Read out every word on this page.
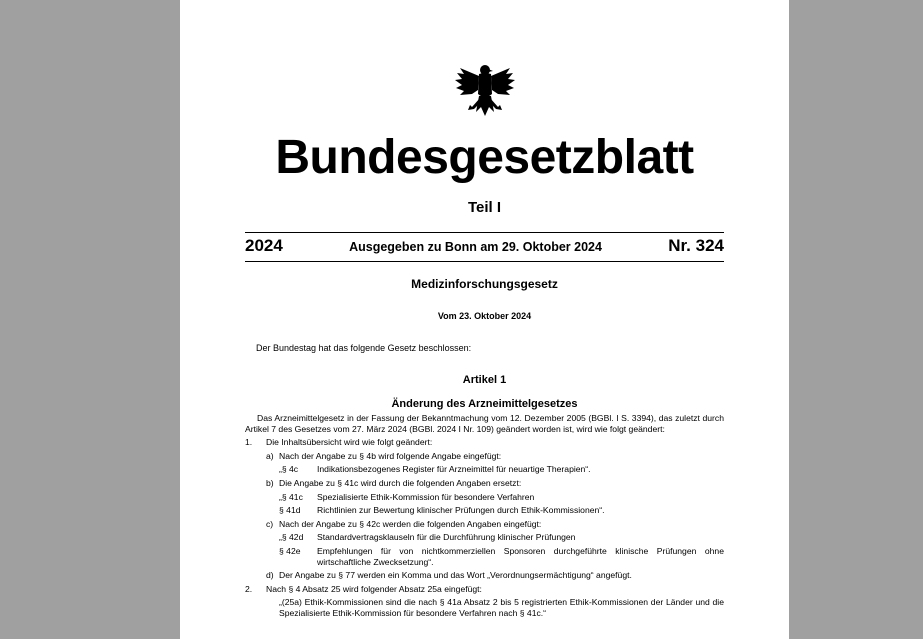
Bundesgesetzblatt
Teil I
2024	Ausgegeben zu Bonn am 29. Oktober 2024	Nr. 324
Medizinforschungsgesetz
Vom 23. Oktober 2024
Der Bundestag hat das folgende Gesetz beschlossen:
Artikel 1
Änderung des Arzneimittelgesetzes
Das Arzneimittelgesetz in der Fassung der Bekanntmachung vom 12. Dezember 2005 (BGBl. I S. 3394), das zuletzt durch Artikel 7 des Gesetzes vom 27. März 2024 (BGBl. 2024 I Nr. 109) geändert worden ist, wird wie folgt geändert:
1.	Die Inhaltsübersicht wird wie folgt geändert:
a) Nach der Angabe zu § 4b wird folgende Angabe eingefügt:
„§ 4c	Indikationsbezogenes Register für Arzneimittel für neuartige Therapien“.
b) Die Angabe zu § 41c wird durch die folgenden Angaben ersetzt:
„§ 41c	Spezialisierte Ethik-Kommission für besondere Verfahren
§ 41d	Richtlinien zur Bewertung klinischer Prüfungen durch Ethik-Kommissionen“.
c) Nach der Angabe zu § 42c werden die folgenden Angaben eingefügt:
„§ 42d	Standardvertragsklauseln für die Durchführung klinischer Prüfungen
§ 42e	Empfehlungen für von nichtkommerziellen Sponsoren durchgeführte klinische Prüfungen ohne wirtschaftliche Zwecksetzung“.
d) Der Angabe zu § 77 werden ein Komma und das Wort „Verordnungsermächtigung“ angefügt.
2.	Nach § 4 Absatz 25 wird folgender Absatz 25a eingefügt:
„(25a) Ethik-Kommissionen sind die nach § 41a Absatz 2 bis 5 registrierten Ethik-Kommissionen der Länder und die Spezialisierte Ethik-Kommission für besondere Verfahren nach § 41c.“
